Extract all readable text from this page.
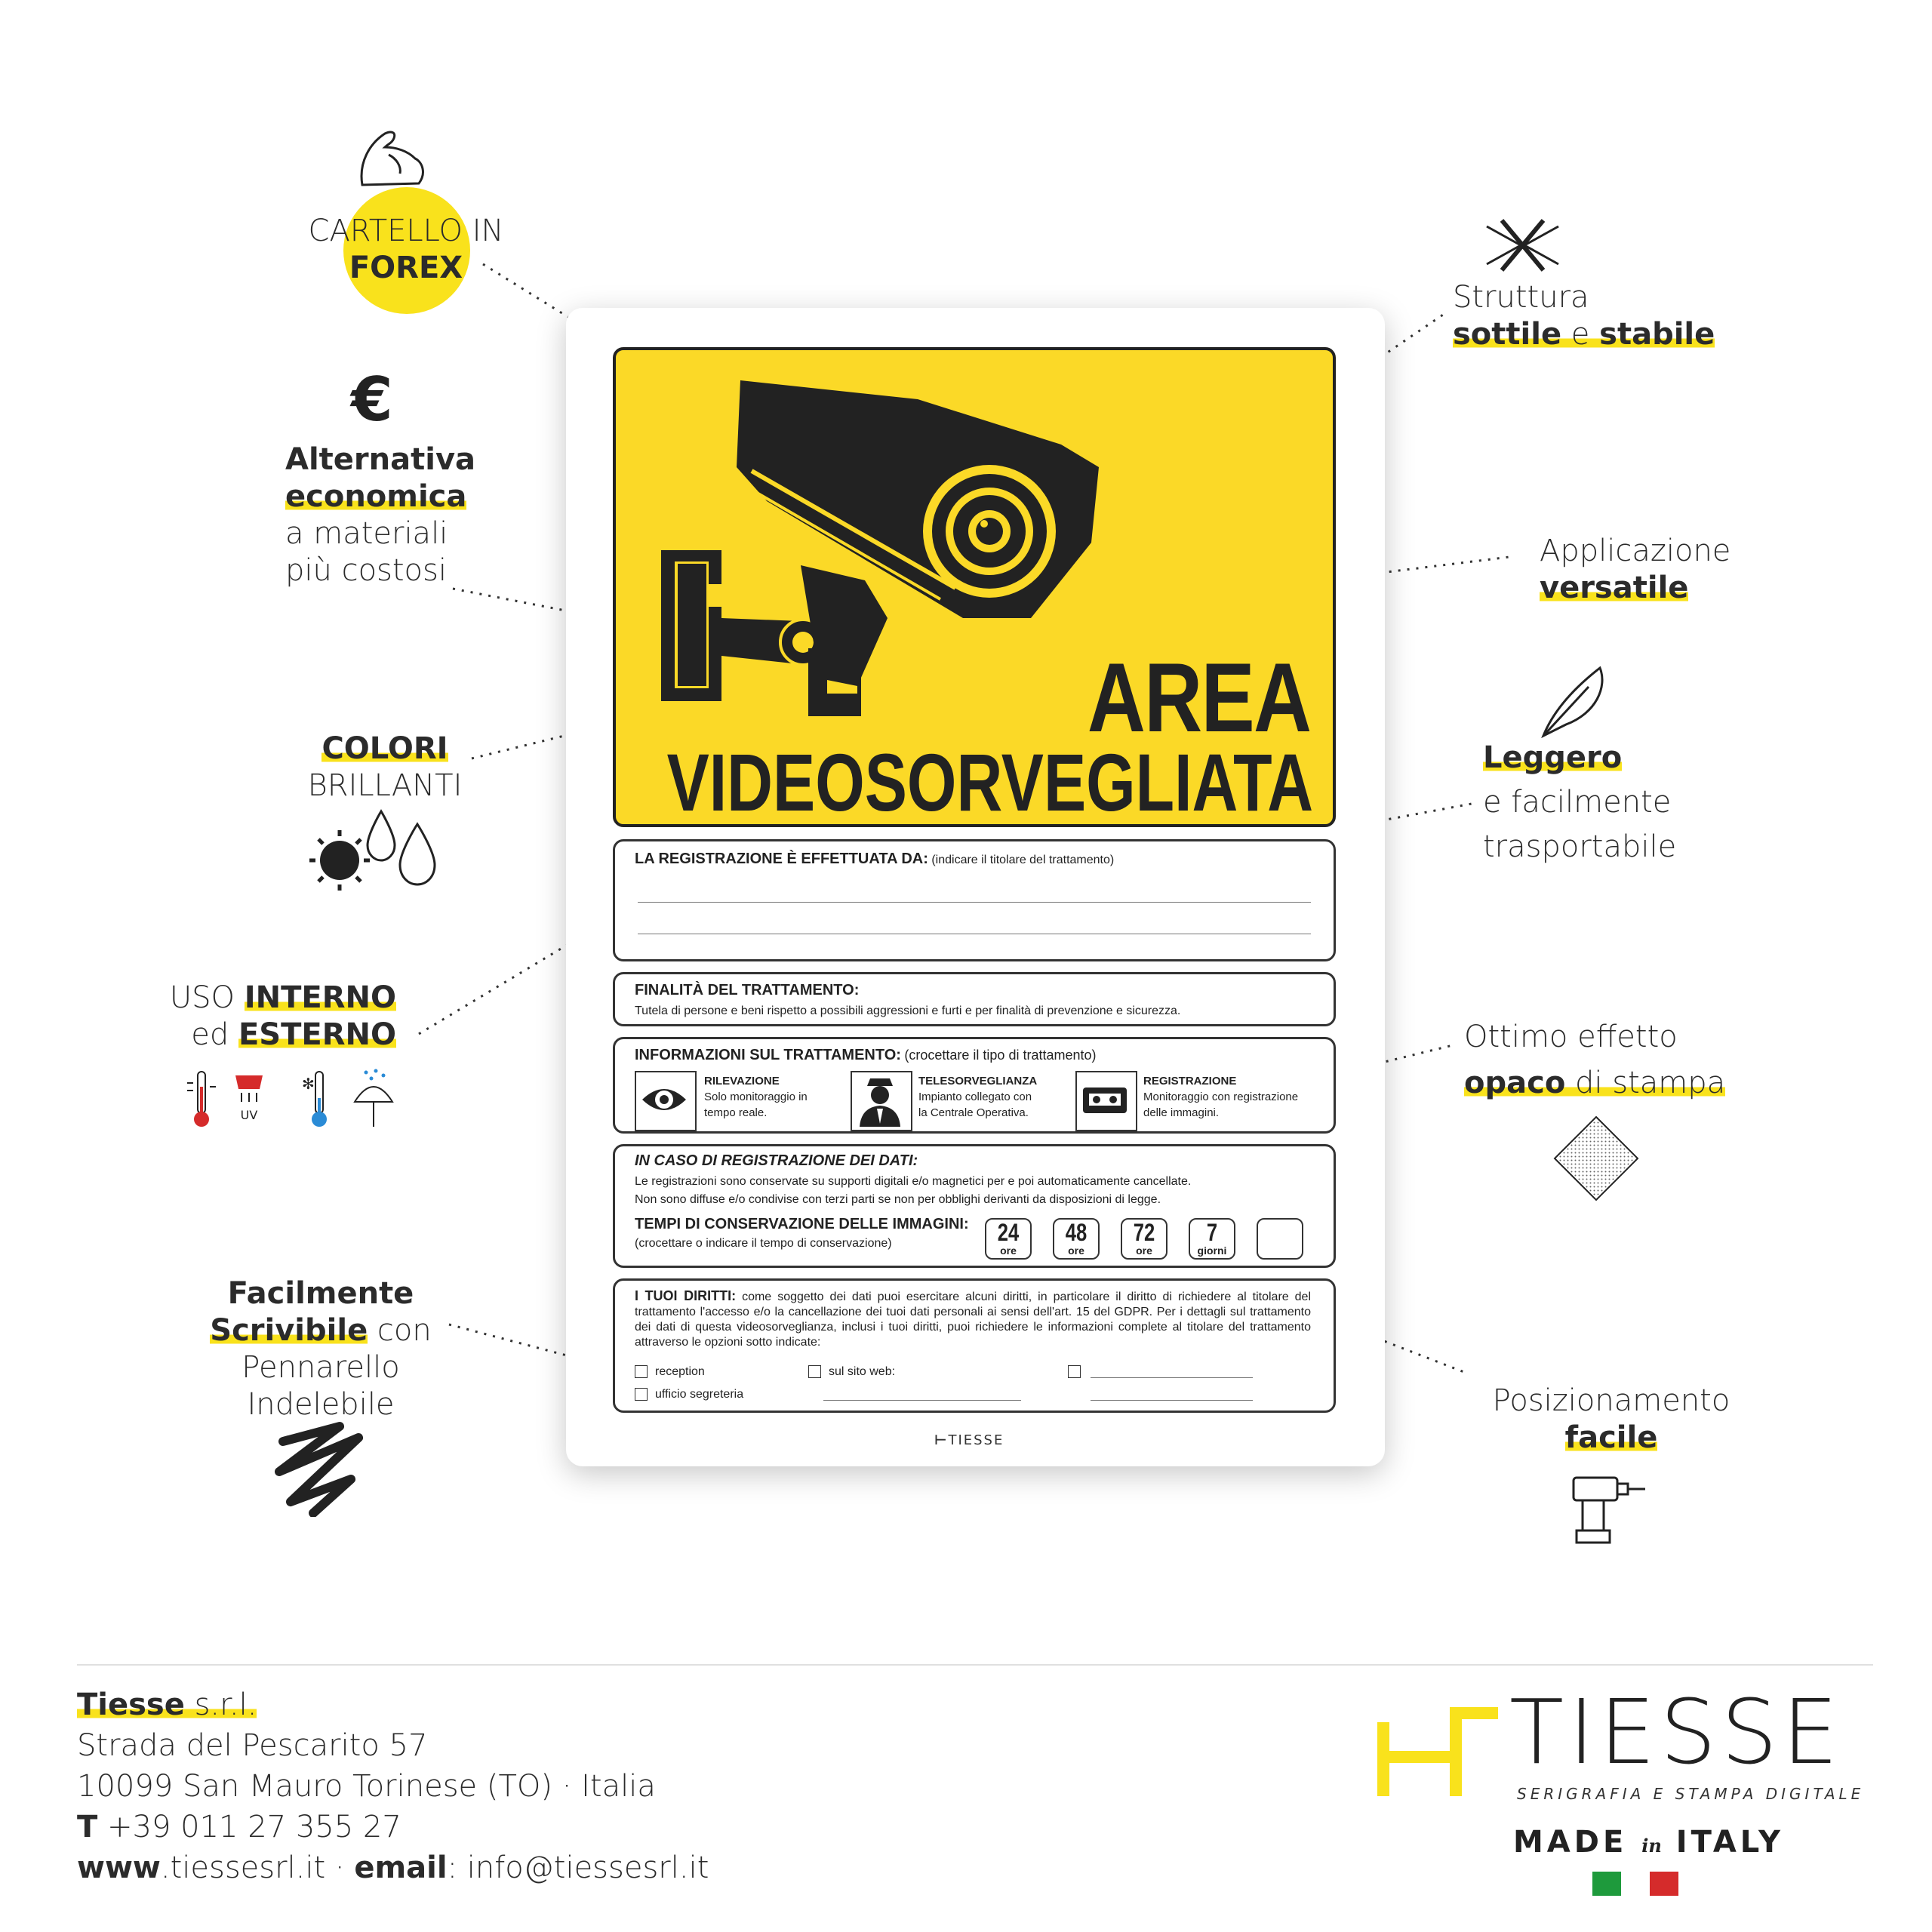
CARTELLO IN
FOREX
€
Alternativa
economica
a materiali
più costosi
COLORI
BRILLANTI
USO INTERNO
ed ESTERNO
UV
✻
Facilmente
Scrivibile con
Pennarello
Indelebile
Struttura
sottile e stabile
Applicazione
versatile
Leggero
e facilmente
trasportabile
Ottimo effetto
opaco di stampa
Posizionamento
facile
AREA
VIDEOSORVEGLIATA
LA REGISTRAZIONE È EFFETTUATA DA: (indicare il titolare del trattamento)
FINALITÀ DEL TRATTAMENTO:
Tutela di persone e beni rispetto a possibili aggressioni e furti e per finalità di prevenzione e sicurezza.
INFORMAZIONI SUL TRATTAMENTO: (crocettare il tipo di trattamento)
RILEVAZIONE
Solo monitoraggio in
tempo reale.
TELESORVEGLIANZA
Impianto collegato con
la Centrale Operativa.
REGISTRAZIONE
Monitoraggio con registrazione
delle immagini.
IN CASO DI REGISTRAZIONE DEI DATI:
Le registrazioni sono conservate su supporti digitali e/o magnetici per e poi automaticamente cancellate.
Non sono diffuse e/o condivise con terzi parti se non per obblighi derivanti da disposizioni di legge.
TEMPI DI CONSERVAZIONE DELLE IMMAGINI:
(crocettare o indicare il tempo di conservazione)	24
ore
48
ore
72
ore
7
giorni
I TUOI DIRITTI: come soggetto dei dati puoi esercitare alcuni diritti, in particolare il diritto di richiedere al titolare del trattamento l'accesso e/o la cancellazione dei tuoi dati personali ai sensi dell'art. 15 del GDPR. Per i dettagli sul trattamento dei dati di questa videosorveglianza, inclusi i tuoi diritti, puoi richiedere le informazioni complete al titolare del trattamento attraverso le opzioni sotto indicate:
reception	sul sito web:
ufficio segreteria
⊢TIESSE
Tiesse s.r.l.
Strada del Pescarito 57
10099 San Mauro Torinese (TO) · Italia
T +39 011 27 355 27
www.tiessesrl.it · email: info@tiessesrl.it
TIESSE
SERIGRAFIA E STAMPA DIGITALE
MADE in ITALY
